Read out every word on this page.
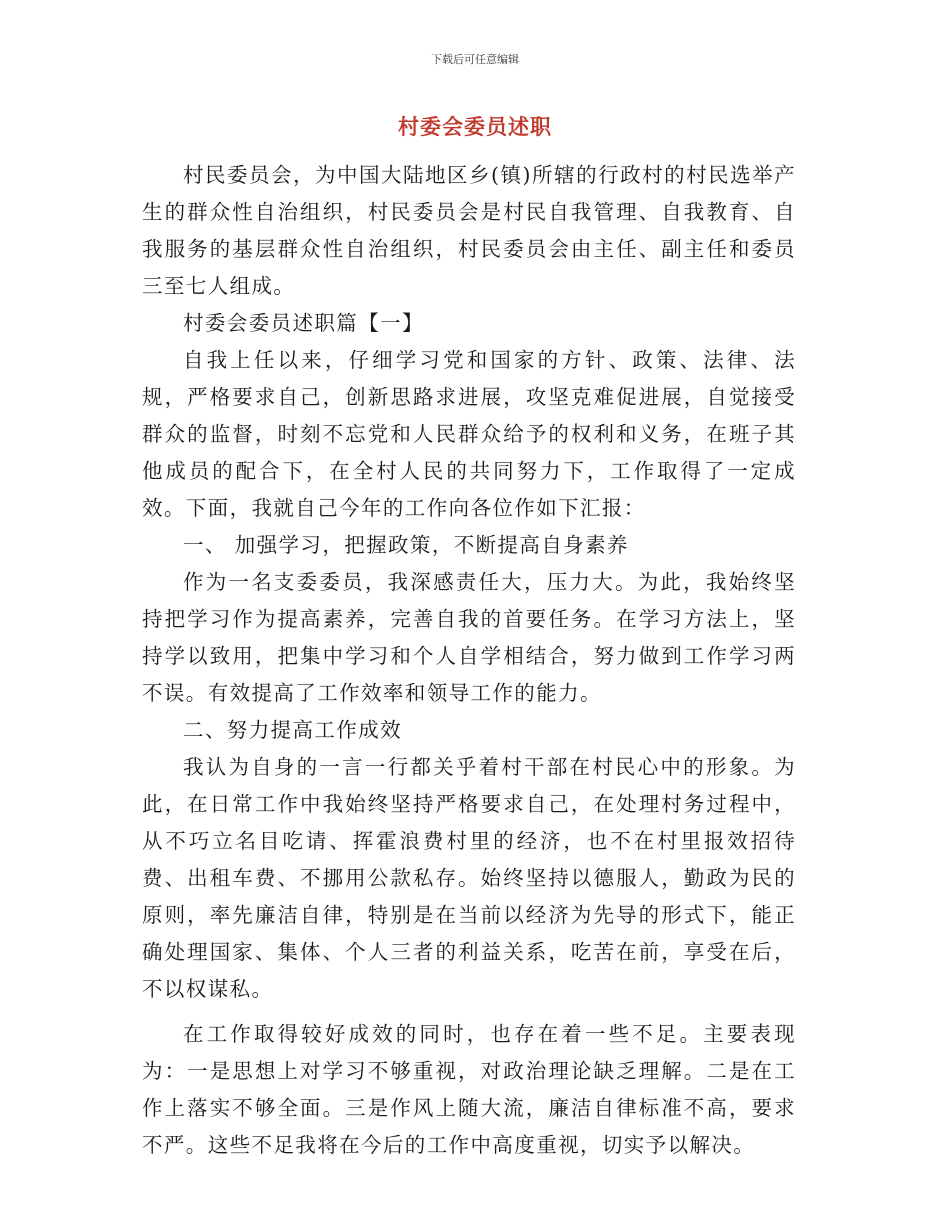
下载后可任意编辑
村委会委员述职

村民委员会，为中国大陆地区乡(镇)所辖的行政村的村民选举产生的群众性自治组织，村民委员会是村民自我管理、自我教育、自我服务的基层群众性自治组织，村民委员会由主任、副主任和委员三至七人组成。

村委会委员述职篇【一】

自我上任以来，仔细学习党和国家的方针、政策、法律、法规，严格要求自己，创新思路求进展，攻坚克难促进展，自觉接受群众的监督，时刻不忘党和人民群众给予的权利和义务，在班子其他成员的配合下，在全村人民的共同努力下，工作取得了一定成效。下面，我就自己今年的工作向各位作如下汇报：

一、 加强学习，把握政策，不断提高自身素养

作为一名支委委员，我深感责任大，压力大。为此，我始终坚持把学习作为提高素养，完善自我的首要任务。在学习方法上，坚持学以致用，把集中学习和个人自学相结合，努力做到工作学习两不误。有效提高了工作效率和领导工作的能力。

二、努力提高工作成效

我认为自身的一言一行都关乎着村干部在村民心中的形象。为此，在日常工作中我始终坚持严格要求自己，在处理村务过程中，从不巧立名目吃请、挥霍浪费村里的经济，也不在村里报效招待费、出租车费、不挪用公款私存。始终坚持以德服人，勤政为民的原则，率先廉洁自律，特别是在当前以经济为先导的形式下，能正确处理国家、集体、个人三者的利益关系，吃苦在前，享受在后，不以权谋私。

在工作取得较好成效的同时，也存在着一些不足。主要表现为：一是思想上对学习不够重视，对政治理论缺乏理解。二是在工作上落实不够全面。三是作风上随大流，廉洁自律标准不高，要求不严。这些不足我将在今后的工作中高度重视，切实予以解决。
